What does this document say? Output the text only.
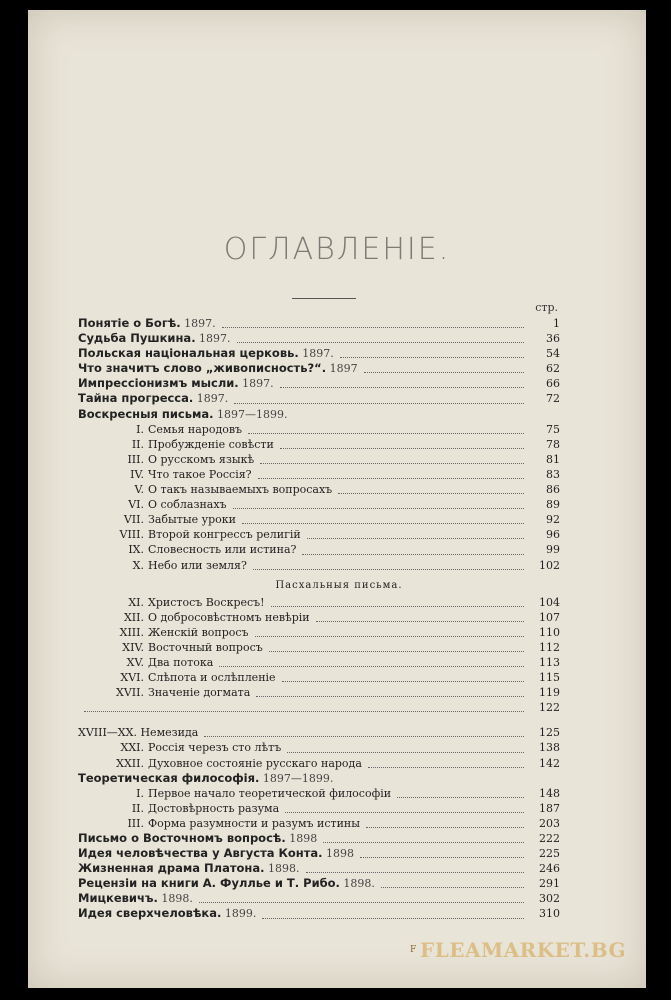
ОГЛАВЛЕНІЕ.
стр.
Понятіе о Богѣ. 1897.	1
Судьба Пушкина. 1897.	36
Польская національная церковь. 1897.	54
Что значитъ слово „живописность?“. 1897	62
Импрессіонизмъ мысли. 1897.	66
Тайна прогресса. 1897.	72
Воскресныя письма. 1897—1899.
I. Семья народовъ	75
II. Пробужденіе совѣсти	78
III. О русскомъ языкѣ	81
IV. Что такое Россія?	83
V. О такъ называемыхъ вопросахъ	86
VI. О соблазнахъ	89
VII. Забытые уроки	92
VIII. Второй конгрессъ религій	96
IX. Словесность или истина?	99
X. Небо или земля?	102
Пасхальныя письма.
XI. Христосъ Воскресъ!	104
XII. О добросовѣстномъ невѣріи	107
XIII. Женскій вопросъ	110
XIV. Восточный вопросъ	112
XV. Два потока	113
XVI. Слѣпота и ослѣпленіе	115
XVII. Значеніе догмата	119
122
XVIII—XX. Немезида	125
XXI. Россія черезъ сто лѣтъ	138
XXII. Духовное состояніе русскаго народа	142
Теоретическая философія. 1897—1899.
I. Первое начало теоретической философіи	148
II. Достовѣрность разума	187
III. Форма разумности и разумъ истины	203
Письмо о Восточномъ вопросѣ. 1898	222
Идея человѣчества у Августа Конта. 1898	225
Жизненная драма Платона. 1898.	246
Рецензіи на книги А. Фуллье и Т. Рибо. 1898.	291
Мицкевичъ. 1898.	302
Идея сверхчеловѣка. 1899.	310
F FLEAMARKET.BG
